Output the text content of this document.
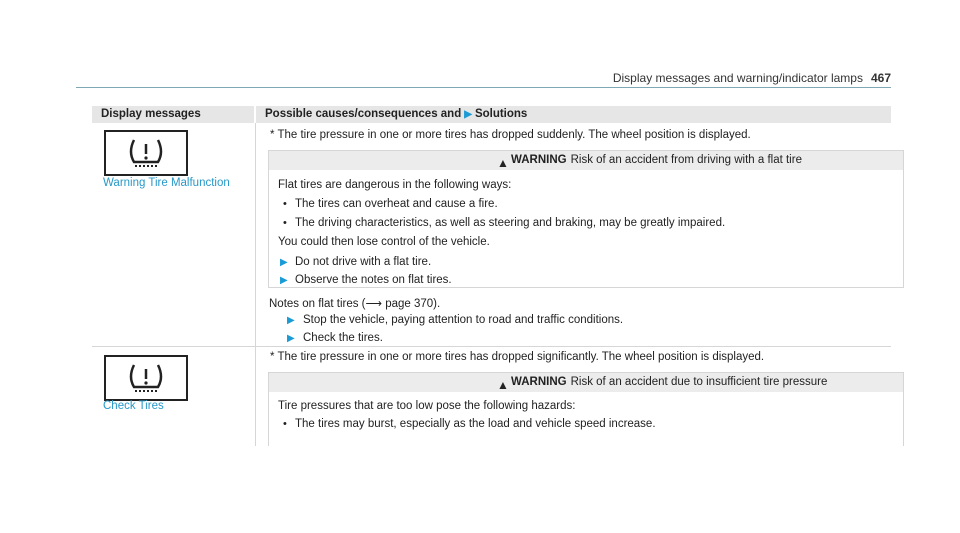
Display messages and warning/indicator lamps 467
Display messages	Possible causes/consequences and ▶ Solutions
Warning Tire Malfunction
* The tire pressure in one or more tires has dropped suddenly. The wheel position is displayed.
▲ WARNING Risk of an accident from driving with a flat tire
Flat tires are dangerous in the following ways:
• The tires can overheat and cause a fire.
• The driving characteristics, as well as steering and braking, may be greatly impaired.
You could then lose control of the vehicle.
▶ Do not drive with a flat tire.
▶ Observe the notes on flat tires.
Notes on flat tires (⟶ page 370).
▶ Stop the vehicle, paying attention to road and traffic conditions.
▶ Check the tires.
Check Tires
* The tire pressure in one or more tires has dropped significantly. The wheel position is displayed.
▲ WARNING Risk of an accident due to insufficient tire pressure
Tire pressures that are too low pose the following hazards:
• The tires may burst, especially as the load and vehicle speed increase.
